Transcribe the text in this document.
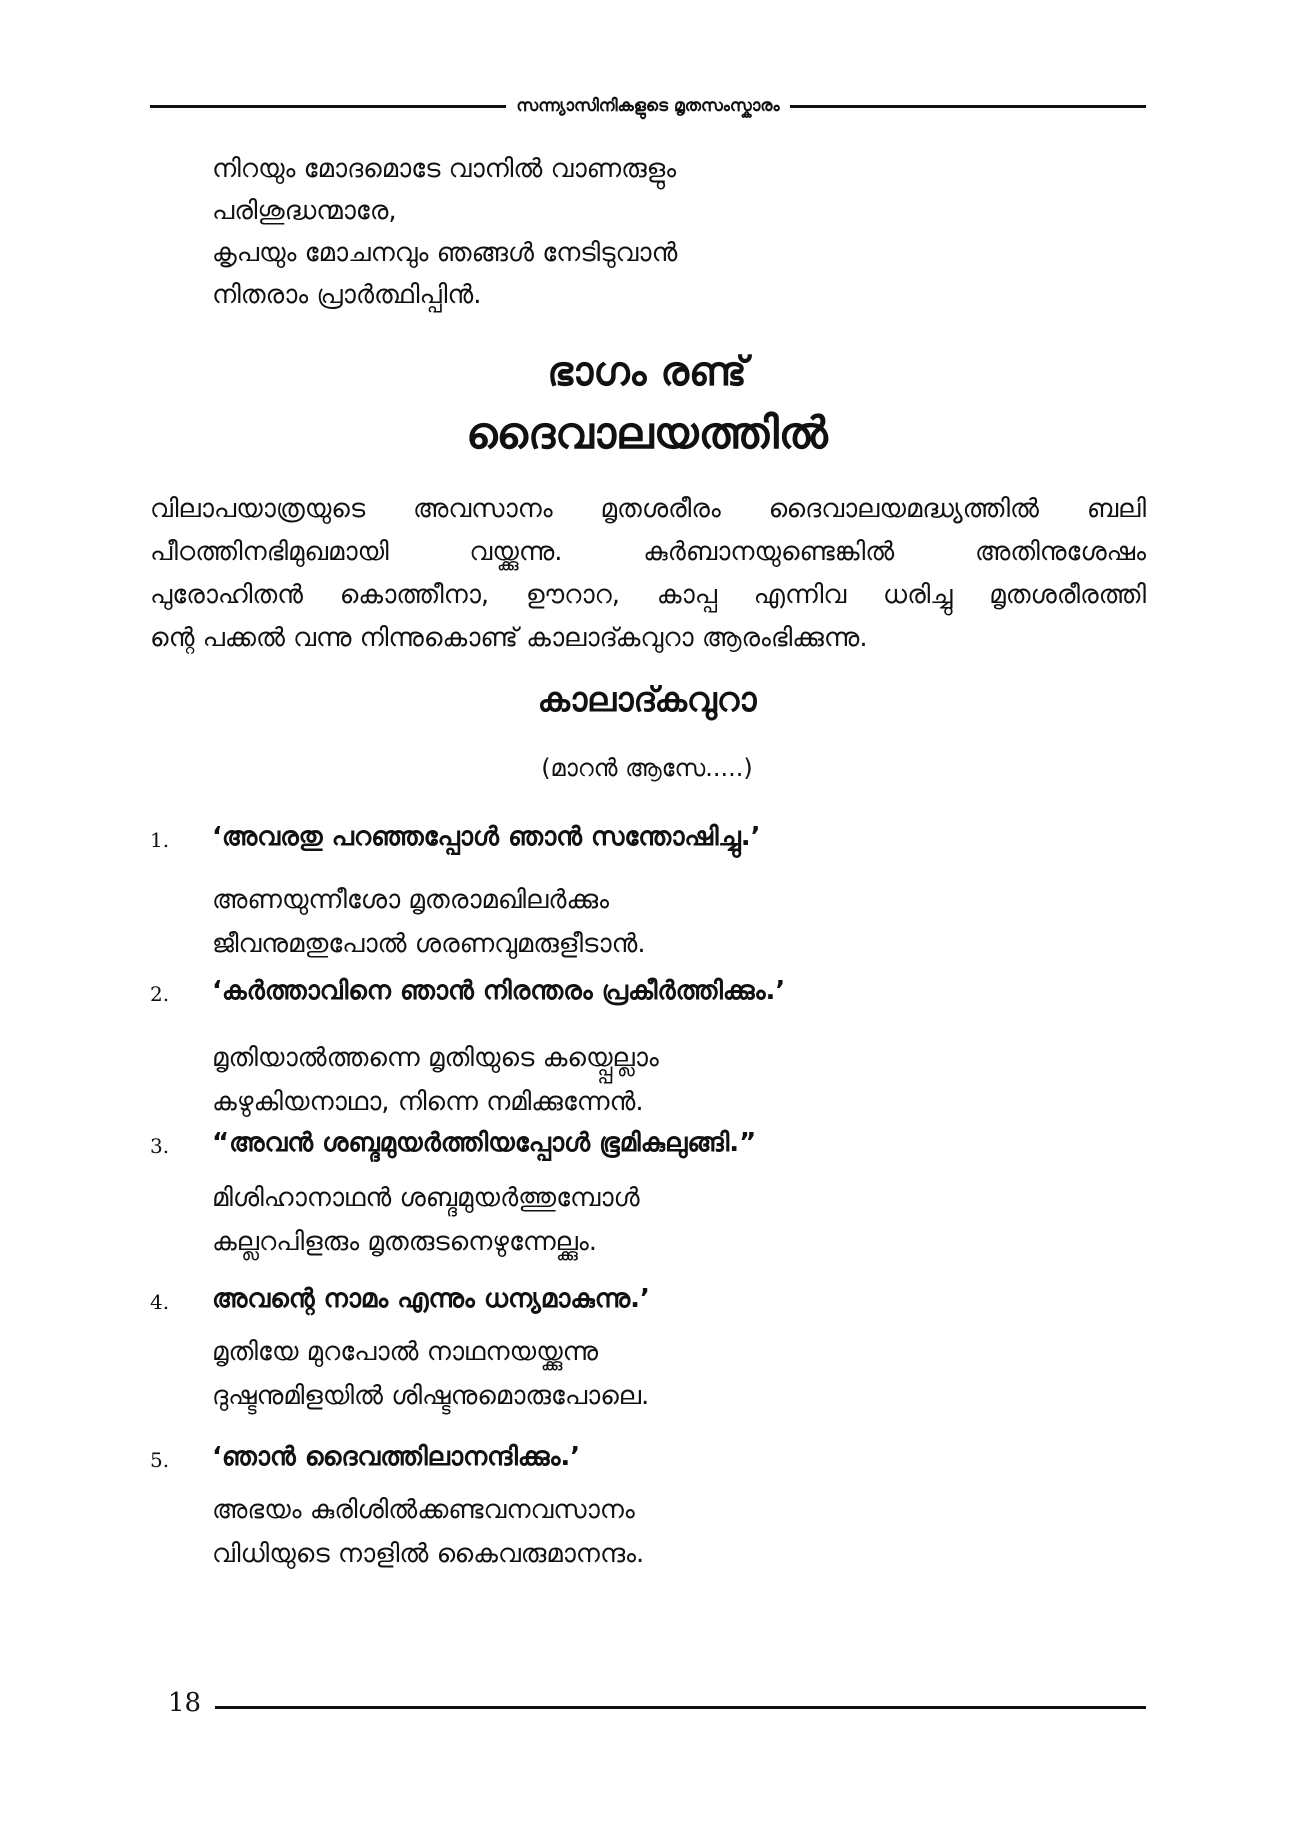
സന്ന്യാസിനികളുടെ മൃതസംസ്കാരം
നിറയും മോദമൊടേ വാനിൽ വാണരുളും
പരിശുദ്ധന്മാരേ,
കൃപയും മോചനവും ഞങ്ങൾ നേടിടുവാൻ
നിതരാം പ്രാർത്ഥിപ്പിൻ.
ഭാഗം രണ്ട്
ദൈവാലയത്തിൽ
വിലാപയാത്രയുടെ അവസാനം മൃതശരീരം ദൈവാലയമദ്ധ്യത്തിൽ ബലി
പീഠത്തിനഭിമുഖമായി വയ്ക്കുന്നു. കുർബാനയുണ്ടെങ്കിൽ അതിനുശേഷം
പുരോഹിതൻ കൊത്തീനാ, ഊറാറ, കാപ്പ എന്നിവ ധരിച്ചു മൃതശരീരത്തി
ന്റെ പക്കൽ വന്നു നിന്നുകൊണ്ട് കാലാദ്കവുറാ ആരംഭിക്കുന്നു.
കാലാദ്കവുറാ
(മാറൻ ആസേ.....)
1. ‘അവരതു പറഞ്ഞപ്പോൾ ഞാൻ സന്തോഷിച്ചു.’
അണയുന്നീശോ മൃതരാമഖിലർക്കും
ജീവനുമതുപോൽ ശരണവുമരുളീടാൻ.
2. ‘കർത്താവിനെ ഞാൻ നിരന്തരം പ്രകീർത്തിക്കും.’
മൃതിയാൽത്തന്നെ മൃതിയുടെ കയ്പ്പെല്ലാം
കഴുകിയനാഥാ, നിന്നെ നമിക്കുന്നേൻ.
3. “അവൻ ശബ്ദമുയർത്തിയപ്പോൾ ഭൂമികുലുങ്ങി.”
മിശിഹാനാഥൻ ശബ്ദമുയർത്തുമ്പോൾ
കല്ലറപിളരും മൃതരുടനെഴുന്നേല്ക്കും.
4. അവന്റെ നാമം എന്നും ധന്യമാകുന്നു.’
മൃതിയേ മുറപോൽ നാഥനയയ്ക്കുന്നു
ദുഷ്ടനുമിളയിൽ ശിഷ്ടനുമൊരുപോലെ.
5. ‘ഞാൻ ദൈവത്തിലാനന്ദിക്കും.’
അഭയം കുരിശിൽക്കണ്ടവനവസാനം
വിധിയുടെ നാളിൽ കൈവരുമാനന്ദം.
18
